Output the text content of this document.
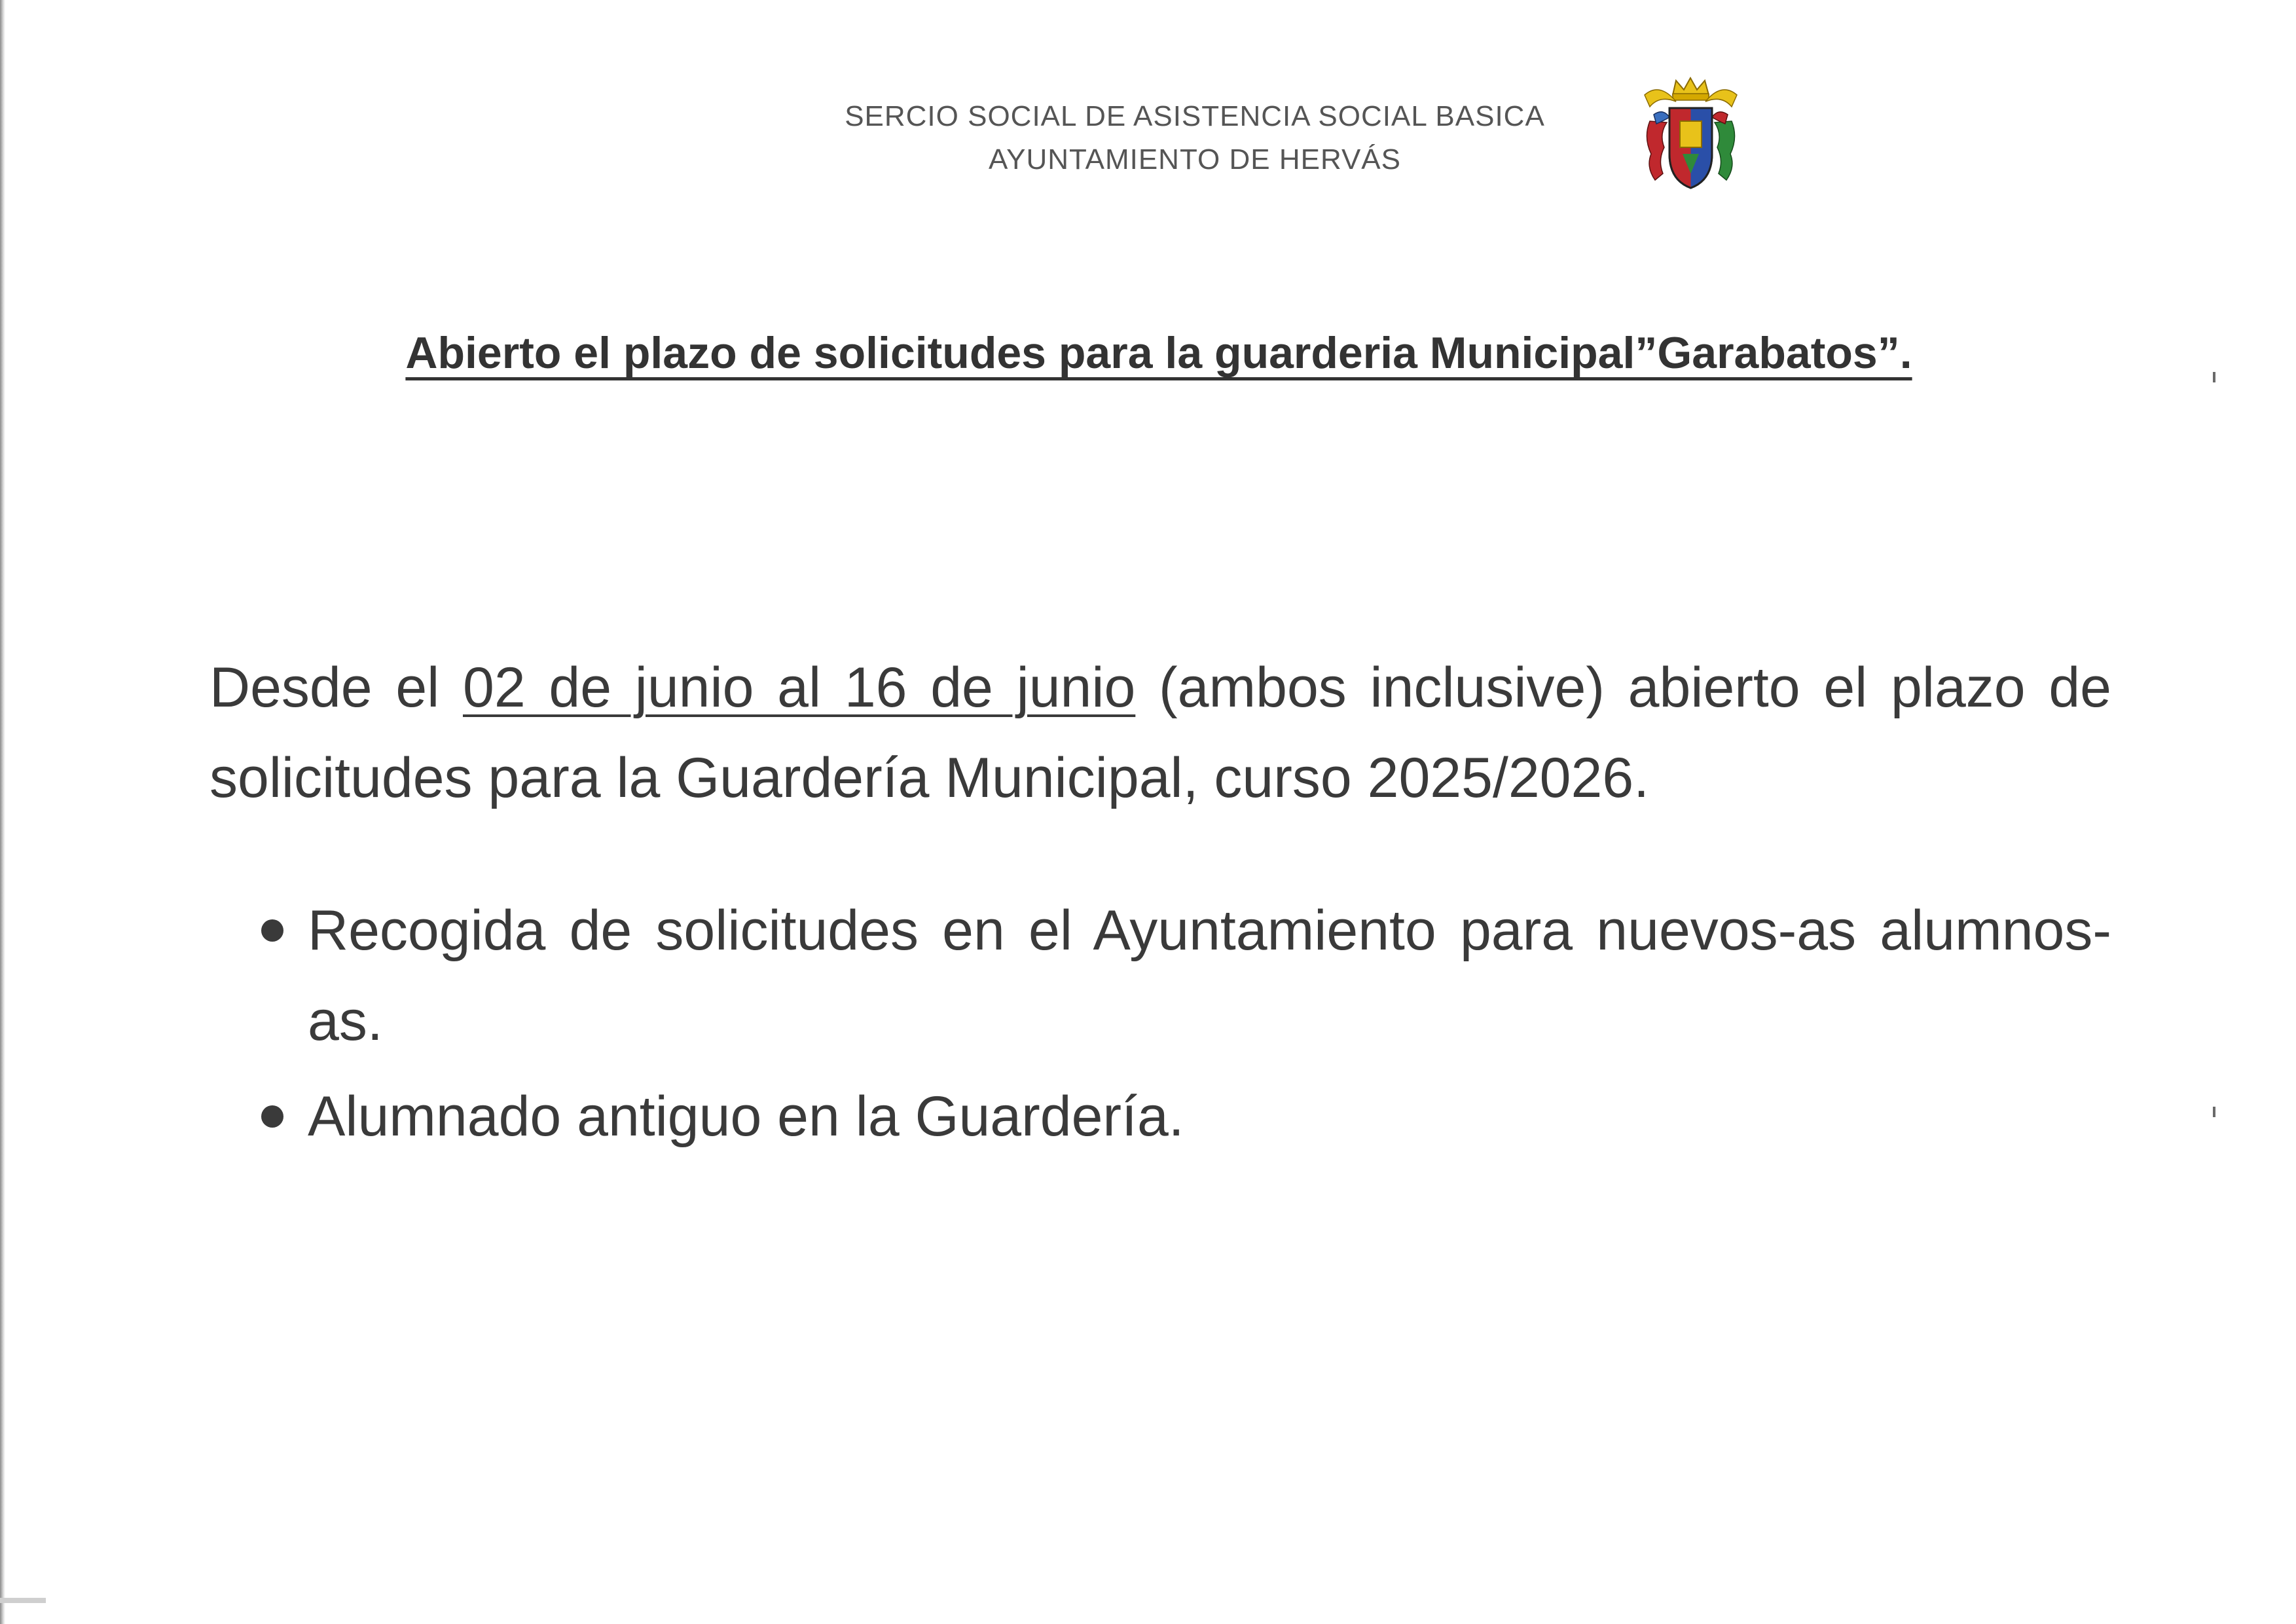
SERCIO SOCIAL DE ASISTENCIA SOCIAL BASICA
AYUNTAMIENTO DE HERVÁS
Abierto el plazo de solicitudes para la guarderia Municipal”Garabatos”.

Desde el 02 de junio al 16 de junio (ambos inclusive) abierto el plazo de solicitudes para la Guardería Municipal, curso 2025/2026.

Recogida de solicitudes en el Ayuntamiento para nuevos-as alumnos-as.
Alumnado antiguo en la Guardería.
